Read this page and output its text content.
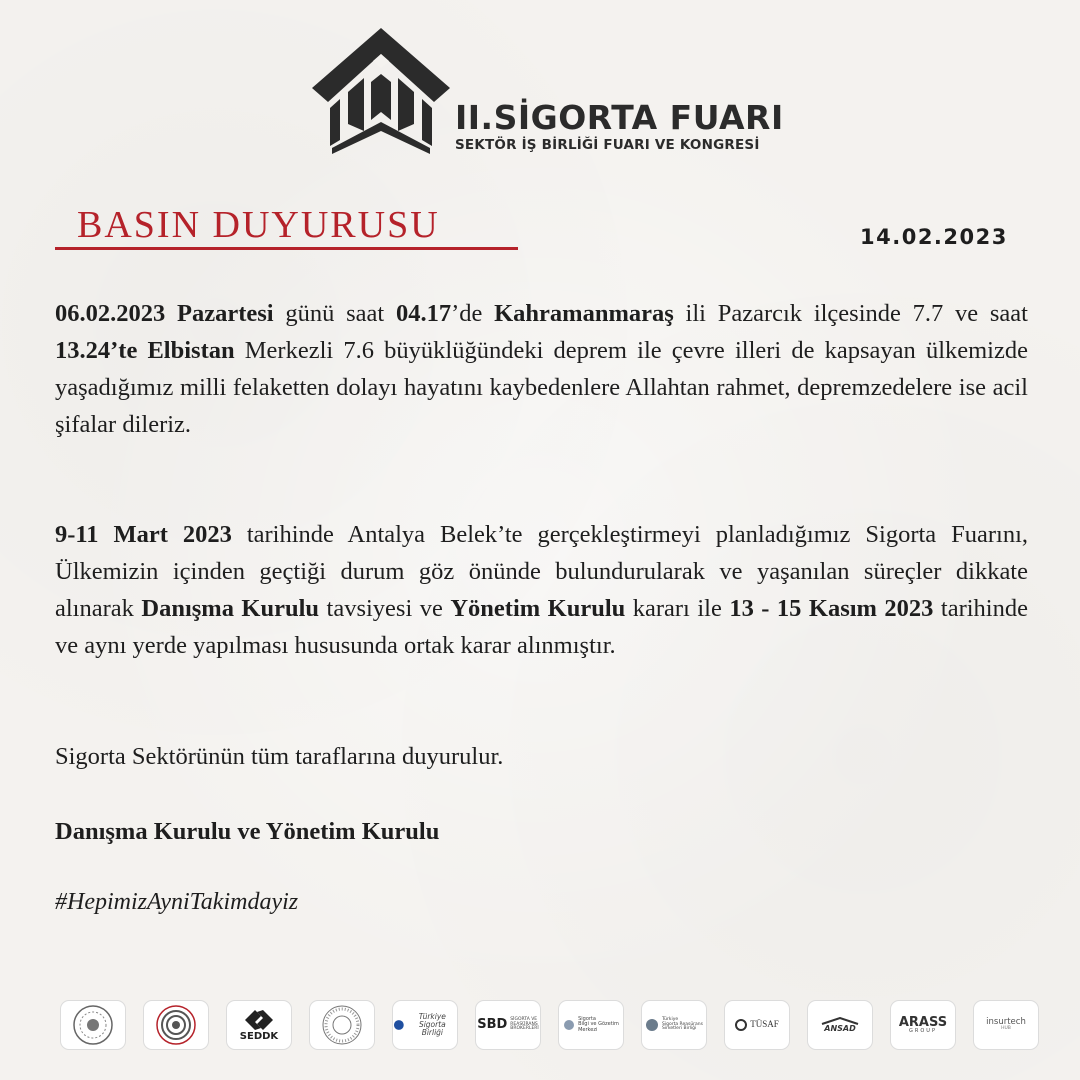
II.SİGORTA FUARI
SEKTÖR İŞ BİRLİĞİ FUARI VE KONGRESİ
BASIN DUYURUSU	14.02.2023

06.02.2023 Pazartesi günü saat 04.17’de Kahramanmaraş ili Pazarcık ilçesinde 7.7 ve saat 13.24’te Elbistan Merkezli 7.6 büyüklüğündeki deprem ile çevre illeri de kapsayan ülkemizde yaşadığımız milli felaketten dolayı hayatını kaybedenlere Allahtan rahmet, depremzedelere ise acil şifalar dileriz.

9-11 Mart 2023 tarihinde Antalya Belek’te gerçekleştirmeyi planladığımız Sigorta Fuarını, Ülkemizin içinden geçtiği durum göz önünde bulundurularak ve yaşanılan süreçler dikkate alınarak Danışma Kurulu tavsiyesi ve Yönetim Kurulu kararı ile 13 - 15 Kasım 2023 tarihinde ve aynı yerde yapılması hususunda ortak karar alınmıştır.

Sigorta Sektörünün tüm taraflarına duyurulur.

Danışma Kurulu ve Yönetim Kurulu

#HepimizAyniTakimdayiz

SEDDK
Türkiye
Sigorta Birliği
SBD SİGORTA VE
REASÜRANS
BROKERLERİ
Sigorta
Bilgi ve Gözetim
Merkezi
Türkiye
Sigorta Reasürans
Sirketleri Birliği	TÜSAF	ANSAD	ARASS
GROUP
insurtech
HUB
